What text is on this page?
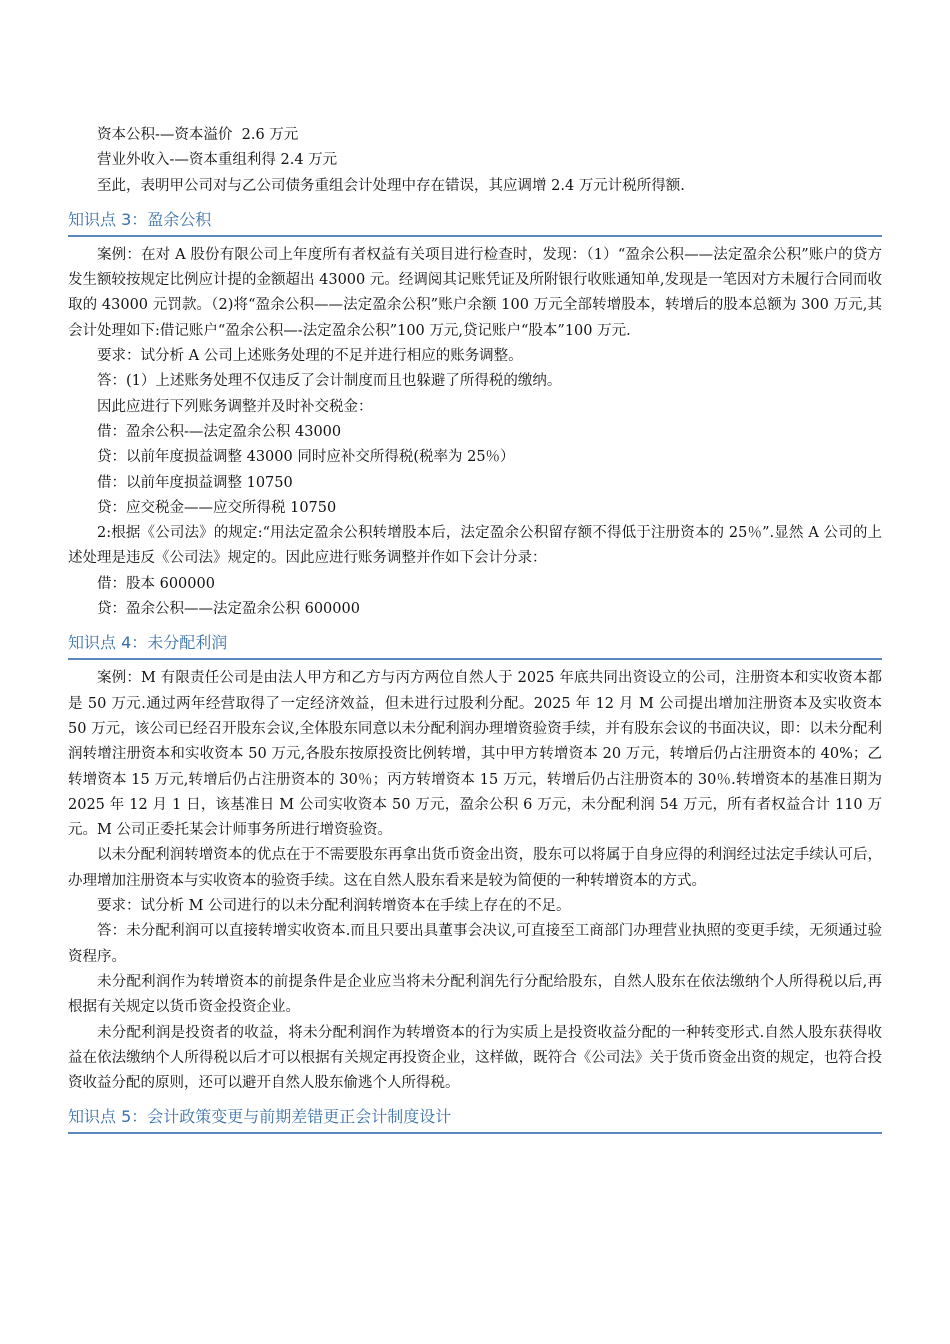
资本公积-—资本溢价  2.6 万元

营业外收入-—资本重组利得 2.4 万元

至此，表明甲公司对与乙公司债务重组会计处理中存在错误，其应调增 2.4 万元计税所得额.

知识点 3：盈余公积

案例：在对 A 股份有限公司上年度所有者权益有关项目进行检查时，发现：（1）“盈余公积——法定盈余公积”账户的贷方发生额较按规定比例应计提的金额超出 43000 元。经调阅其记账凭证及所附银行收账通知单,发现是一笔因对方未履行合同而收取的 43000 元罚款。（2)将“盈余公积——法定盈余公积”账户余额 100 万元全部转增股本，转增后的股本总额为 300 万元,其会计处理如下:借记账户“盈余公积—-法定盈余公积”100 万元,贷记账户“股本”100 万元.

要求：试分析 A 公司上述账务处理的不足并进行相应的账务调整。

答：(1）上述账务处理不仅违反了会计制度而且也躲避了所得税的缴纳。

因此应进行下列账务调整并及时补交税金：

借：盈余公积-—法定盈余公积 43000

贷：以前年度损益调整 43000 同时应补交所得税(税率为 25％）

借：以前年度损益调整 10750

贷：应交税金——应交所得税 10750

2:根据《公司法》的规定:“用法定盈余公积转增股本后，法定盈余公积留存额不得低于注册资本的 25％”.显然 A 公司的上述处理是违反《公司法》规定的。因此应进行账务调整并作如下会计分录：

借：股本 600000

贷：盈余公积——法定盈余公积 600000

知识点 4：未分配利润

案例：M 有限责任公司是由法人甲方和乙方与丙方两位自然人于 2025 年底共同出资设立的公司，注册资本和实收资本都是 50 万元.通过两年经营取得了一定经济效益，但未进行过股利分配。2025 年 12 月 M 公司提出增加注册资本及实收资本 50 万元，该公司已经召开股东会议,全体股东同意以未分配利润办理增资验资手续，并有股东会议的书面决议，即：以未分配利润转增注册资本和实收资本 50 万元,各股东按原投资比例转增，其中甲方转增资本 20 万元，转增后仍占注册资本的 40%；乙转增资本 15 万元,转增后仍占注册资本的 30％；丙方转增资本 15 万元，转增后仍占注册资本的 30％.转增资本的基准日期为 2025 年 12 月 1 日，该基准日 M 公司实收资本 50 万元，盈余公积 6 万元，未分配利润 54 万元，所有者权益合计 110 万元。M 公司正委托某会计师事务所进行增资验资。

以未分配利润转增资本的优点在于不需要股东再拿出货币资金出资，股东可以将属于自身应得的利润经过法定手续认可后，办理增加注册资本与实收资本的验资手续。这在自然人股东看来是较为简便的一种转增资本的方式。

要求：试分析 M 公司进行的以未分配利润转增资本在手续上存在的不足。

答：未分配利润可以直接转增实收资本.而且只要出具董事会决议,可直接至工商部门办理营业执照的变更手续，无须通过验资程序。

未分配利润作为转增资本的前提条件是企业应当将未分配利润先行分配给股东，自然人股东在依法缴纳个人所得税以后,再根据有关规定以货币资金投资企业。

未分配利润是投资者的收益，将未分配利润作为转增资本的行为实质上是投资收益分配的一种转变形式.自然人股东获得收益在依法缴纳个人所得税以后才可以根据有关规定再投资企业，这样做，既符合《公司法》关于货币资金出资的规定，也符合投资收益分配的原则，还可以避开自然人股东偷逃个人所得税。

知识点 5：会计政策变更与前期差错更正会计制度设计
